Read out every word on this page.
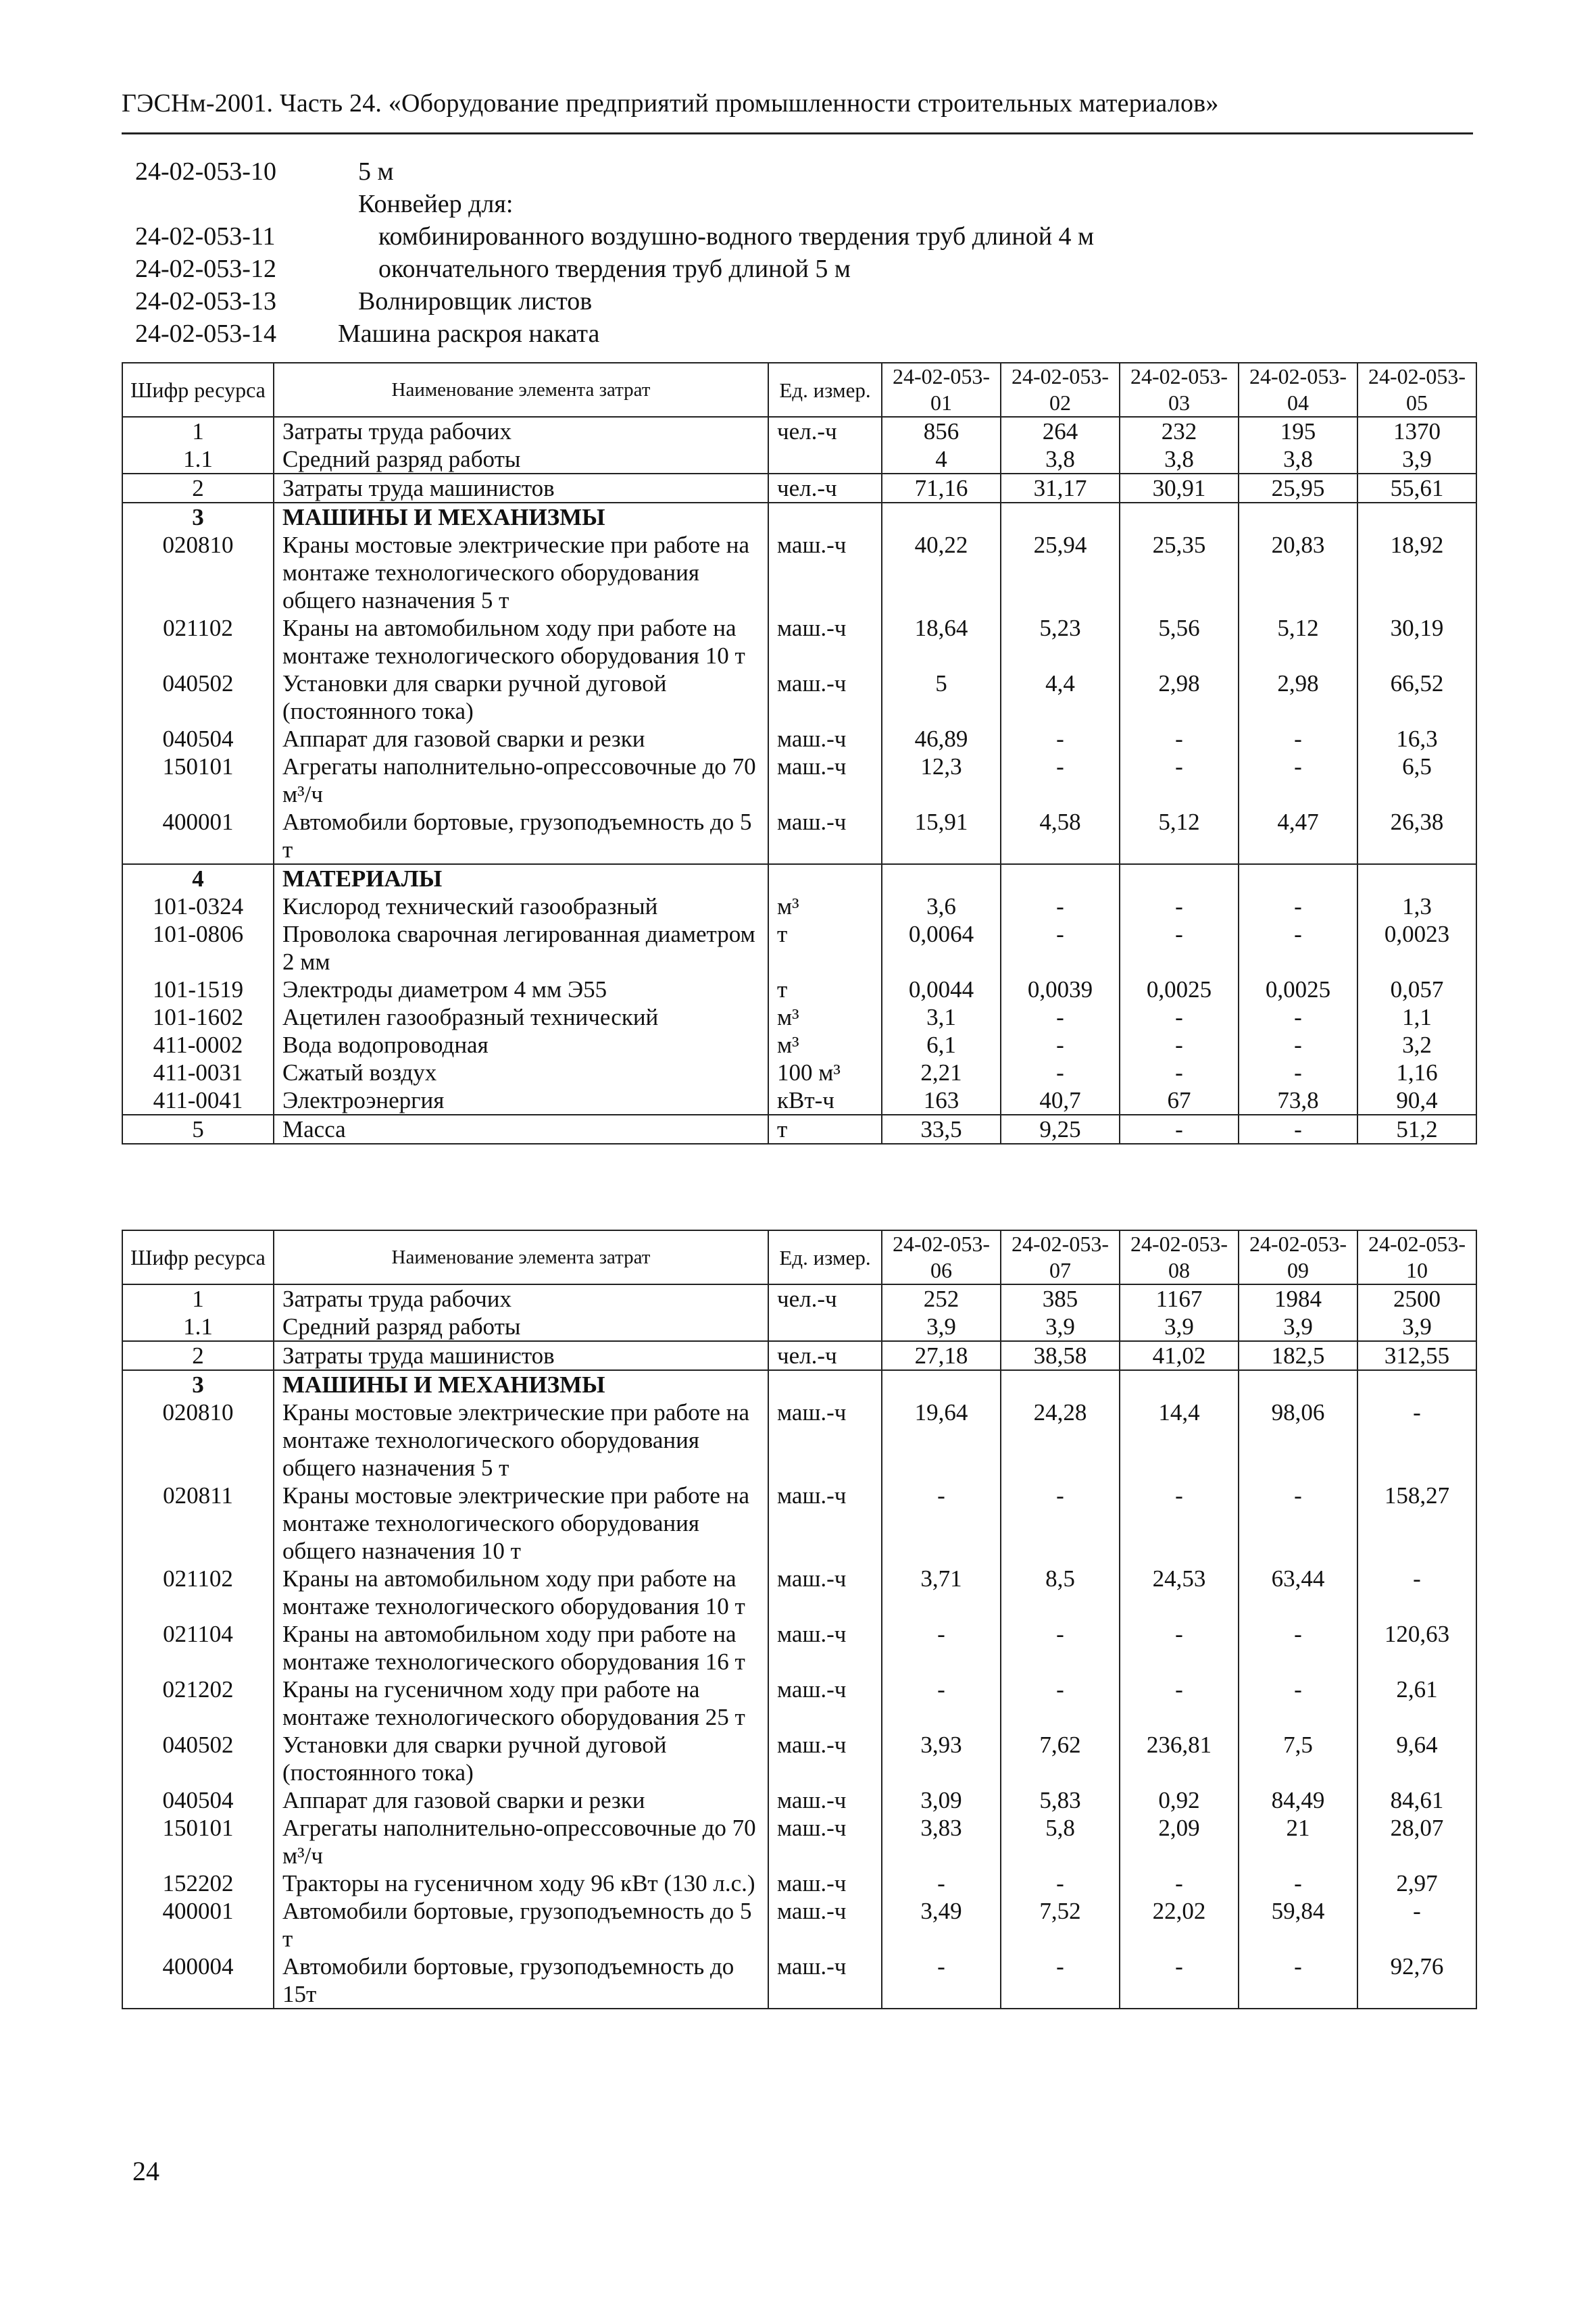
ГЭСНм-2001. Часть 24. «Оборудование предприятий промышленности строительных материалов»
24-02-053-10	5 м
Конвейер для:
24-02-053-11	комбинированного воздушно-водного твердения труб длиной 4 м
24-02-053-12	окончательного твердения труб длиной 5 м
24-02-053-13	Волнировщик листов
24-02-053-14	Машина раскроя наката
Шифр ресурса	Наименование элемента затрат	Ед. измер.	24-02-053-01	24-02-053-02	24-02-053-03	24-02-053-04	24-02-053-05
1	Затраты труда рабочих	чел.-ч	856	264	232	195	1370
1.1	Средний разряд работы		4	3,8	3,8	3,8	3,9
2	Затраты труда машинистов	чел.-ч	71,16	31,17	30,91	25,95	55,61
3	МАШИНЫ И МЕХАНИЗМЫ						
020810	Краны мостовые электрические при работе на монтаже технологического оборудования общего назначения 5 т	маш.-ч	40,22	25,94	25,35	20,83	18,92
021102	Краны на автомобильном ходу при работе на монтаже технологического оборудования 10 т	маш.-ч	18,64	5,23	5,56	5,12	30,19
040502	Установки для сварки ручной дуговой (постоянного тока)	маш.-ч	5	4,4	2,98	2,98	66,52
040504	Аппарат для газовой сварки и резки	маш.-ч	46,89	-	-	-	16,3
150101	Агрегаты наполнительно-опрессовочные до 70 м³/ч	маш.-ч	12,3	-	-	-	6,5
400001	Автомобили бортовые, грузоподъемность до 5 т	маш.-ч	15,91	4,58	5,12	4,47	26,38
4	МАТЕРИАЛЫ						
101-0324	Кислород технический газообразный	м³	3,6	-	-	-	1,3
101-0806	Проволока сварочная легированная диаметром 2 мм	т	0,0064	-	-	-	0,0023
101-1519	Электроды диаметром 4 мм Э55	т	0,0044	0,0039	0,0025	0,0025	0,057
101-1602	Ацетилен газообразный технический	м³	3,1	-	-	-	1,1
411-0002	Вода водопроводная	м³	6,1	-	-	-	3,2
411-0031	Сжатый воздух	100 м³	2,21	-	-	-	1,16
411-0041	Электроэнергия	кВт-ч	163	40,7	67	73,8	90,4
5	Масса	т	33,5	9,25	-	-	51,2
Шифр ресурса	Наименование элемента затрат	Ед. измер.	24-02-053-06	24-02-053-07	24-02-053-08	24-02-053-09	24-02-053-10
1	Затраты труда рабочих	чел.-ч	252	385	1167	1984	2500
1.1	Средний разряд работы		3,9	3,9	3,9	3,9	3,9
2	Затраты труда машинистов	чел.-ч	27,18	38,58	41,02	182,5	312,55
3	МАШИНЫ И МЕХАНИЗМЫ						
020810	Краны мостовые электрические при работе на монтаже технологического оборудования общего назначения 5 т	маш.-ч	19,64	24,28	14,4	98,06	-
020811	Краны мостовые электрические при работе на монтаже технологического оборудования общего назначения 10 т	маш.-ч	-	-	-	-	158,27
021102	Краны на автомобильном ходу при работе на монтаже технологического оборудования 10 т	маш.-ч	3,71	8,5	24,53	63,44	-
021104	Краны на автомобильном ходу при работе на монтаже технологического оборудования 16 т	маш.-ч	-	-	-	-	120,63
021202	Краны на гусеничном ходу при работе на монтаже технологического оборудования 25 т	маш.-ч	-	-	-	-	2,61
040502	Установки для сварки ручной дуговой (постоянного тока)	маш.-ч	3,93	7,62	236,81	7,5	9,64
040504	Аппарат для газовой сварки и резки	маш.-ч	3,09	5,83	0,92	84,49	84,61
150101	Агрегаты наполнительно-опрессовочные до 70 м³/ч	маш.-ч	3,83	5,8	2,09	21	28,07
152202	Тракторы на гусеничном ходу 96 кВт (130 л.с.)	маш.-ч	-	-	-	-	2,97
400001	Автомобили бортовые, грузоподъемность до 5 т	маш.-ч	3,49	7,52	22,02	59,84	-
400004	Автомобили бортовые, грузоподъемность до 15т	маш.-ч	-	-	-	-	92,76
24
